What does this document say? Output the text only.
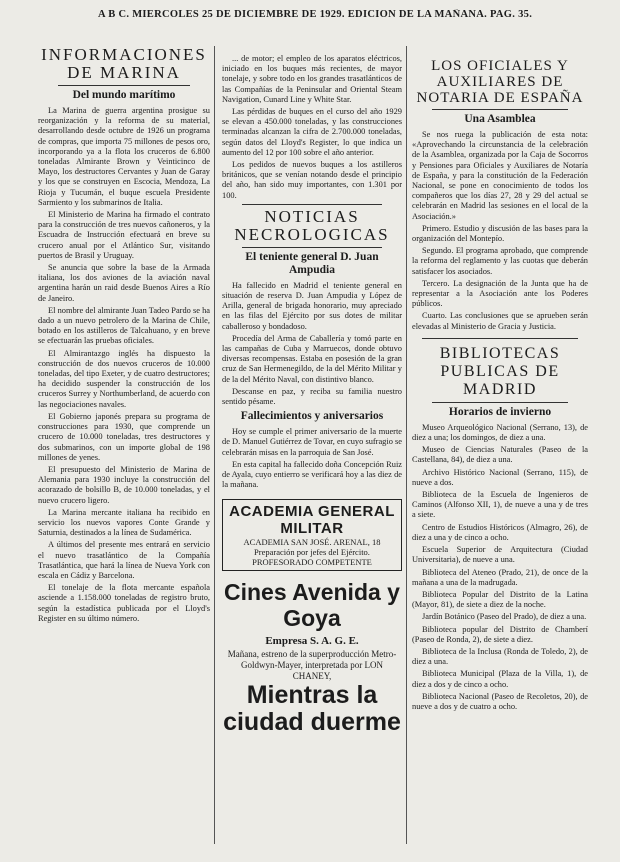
A B C. MIERCOLES 25 DE DICIEMBRE DE 1929. EDICION DE LA MAÑANA. PAG. 35.
INFORMACIONES DE MARINA
Del mundo marítimo

La Marina de guerra argentina prosigue su reorganización y la reforma de su material, desarrollando desde octubre de 1926 un programa de compras, que importa 75 millones de pesos oro, incorporando ya a la flota los cruceros de 6.800 toneladas Almirante Brown y Veinticinco de Mayo, los destructores Cervantes y Juan de Garay y los que se construyen en Escocia, Mendoza, La Rioja y Tucumán, el buque escuela Presidente Sarmiento y los submarinos de Italia.

El Ministerio de Marina ha firmado el contrato para la construcción de tres nuevos cañoneros, y la Escuadra de Instrucción efectuará en breve su crucero anual por el Atlántico Sur, visitando puertos de Brasil y Uruguay.

Se anuncia que sobre la base de la Armada italiana, los dos aviones de la aviación naval argentina harán un raid desde Buenos Aires a Río de Janeiro.

El nombre del almirante Juan Tadeo Pardo se ha dado a un nuevo petrolero de la Marina de Chile, botado en los astilleros de Talcahuano, y en breve se efectuarán las pruebas oficiales.

El Almirantazgo inglés ha dispuesto la construcción de dos nuevos cruceros de 10.000 toneladas, del tipo Exeter, y de cuatro destructores; ha decidido suspender la construcción de los cruceros Surrey y Northumberland, de acuerdo con las negociaciones navales.

El Gobierno japonés prepara su programa de construcciones para 1930, que comprende un crucero de 10.000 toneladas, tres destructores y dos submarinos, con un importe global de 198 millones de yenes.

El presupuesto del Ministerio de Marina de Alemania para 1930 incluye la construcción del acorazado de bolsillo B, de 10.000 toneladas, y el nuevo crucero ligero.

La Marina mercante italiana ha recibido en servicio los nuevos vapores Conte Grande y Saturnia, destinados a la línea de Sudamérica.

A últimos del presente mes entrará en servicio el nuevo trasatlántico de la Compañía Trasatlántica, que hará la línea de Nueva York con escala en Cádiz y Barcelona.

El tonelaje de la flota mercante española asciende a 1.158.000 toneladas de registro bruto, según la estadística publicada por el Lloyd's Register en su último número.

... de motor; el empleo de los aparatos eléctricos, iniciado en los buques más recientes, de mayor tonelaje, y sobre todo en los grandes trasatlánticos de las Compañías de la Peninsular and Oriental Steam Navigation, Cunard Line y White Star.

Las pérdidas de buques en el curso del año 1929 se elevan a 450.000 toneladas, y las construcciones terminadas alcanzan la cifra de 2.700.000 toneladas, según datos del Lloyd's Register, lo que indica un aumento del 12 por 100 sobre el año anterior.

Los pedidos de nuevos buques a los astilleros británicos, que se venían notando desde el principio del año, han sido muy importantes, con 1.301 por 100.

NOTICIAS NECROLOGICAS
El teniente general D. Juan Ampudia

Ha fallecido en Madrid el teniente general en situación de reserva D. Juan Ampudia y López de Arilla, general de brigada honorario, muy apreciado en las filas del Ejército por sus dotes de militar caballeroso y bondadoso.

Procedía del Arma de Caballería y tomó parte en las campañas de Cuba y Marruecos, donde obtuvo diversas recompensas. Estaba en posesión de la gran cruz de San Hermenegildo, de la del Mérito Militar y de la del Mérito Naval, con distintivo blanco.

Descanse en paz, y reciba su familia nuestro sentido pésame.

Fallecimientos y aniversarios

Hoy se cumple el primer aniversario de la muerte de D. Manuel Gutiérrez de Tovar, en cuyo sufragio se celebrarán misas en la parroquia de San José.

En esta capital ha fallecido doña Concepción Ruiz de Ayala, cuyo entierro se verificará hoy a las diez de la mañana.

ACADEMIA GENERAL MILITAR
ACADEMIA SAN JOSÉ. ARENAL, 18
Preparación por jefes del Ejército. PROFESORADO COMPETENTE
Cines Avenida y Goya
Empresa S. A. G. E.
Mañana, estreno de la superproducción Metro-Goldwyn-Mayer, interpretada por LON CHANEY,
Mientras la ciudad duerme
LOS OFICIALES Y AUXILIARES DE NOTARIA DE ESPAÑA
Una Asamblea

Se nos ruega la publicación de esta nota: «Aprovechando la circunstancia de la celebración de la Asamblea, organizada por la Caja de Socorros y Pensiones para Oficiales y Auxiliares de Notaría de España, y para la constitución de la Federación Nacional, se pone en conocimiento de todos los compañeros que los días 27, 28 y 29 del actual se celebrarán en Madrid las sesiones en el local de la Asociación.»

Primero. Estudio y discusión de las bases para la organización del Montepío.

Segundo. El programa aprobado, que comprende la reforma del reglamento y las cuotas que deberán satisfacer los asociados.

Tercero. La designación de la Junta que ha de representar a la Asociación ante los Poderes públicos.

Cuarto. Las conclusiones que se aprueben serán elevadas al Ministerio de Gracia y Justicia.

BIBLIOTECAS PUBLICAS DE MADRID
Horarios de invierno

Museo Arqueológico Nacional (Serrano, 13), de diez a una; los domingos, de diez a una.

Museo de Ciencias Naturales (Paseo de la Castellana, 84), de diez a una.

Archivo Histórico Nacional (Serrano, 115), de nueve a dos.

Biblioteca de la Escuela de Ingenieros de Caminos (Alfonso XII, 1), de nueve a una y de tres a siete.

Centro de Estudios Históricos (Almagro, 26), de diez a una y de cinco a ocho.

Escuela Superior de Arquitectura (Ciudad Universitaria), de nueve a una.

Biblioteca del Ateneo (Prado, 21), de once de la mañana a una de la madrugada.

Biblioteca Popular del Distrito de la Latina (Mayor, 81), de siete a diez de la noche.

Jardín Botánico (Paseo del Prado), de diez a una.

Biblioteca popular del Distrito de Chamberí (Paseo de Ronda, 2), de siete a diez.

Biblioteca de la Inclusa (Ronda de Toledo, 2), de diez a una.

Biblioteca Municipal (Plaza de la Villa, 1), de diez a dos y de cinco a ocho.

Biblioteca Nacional (Paseo de Recoletos, 20), de nueve a dos y de cuatro a ocho.
